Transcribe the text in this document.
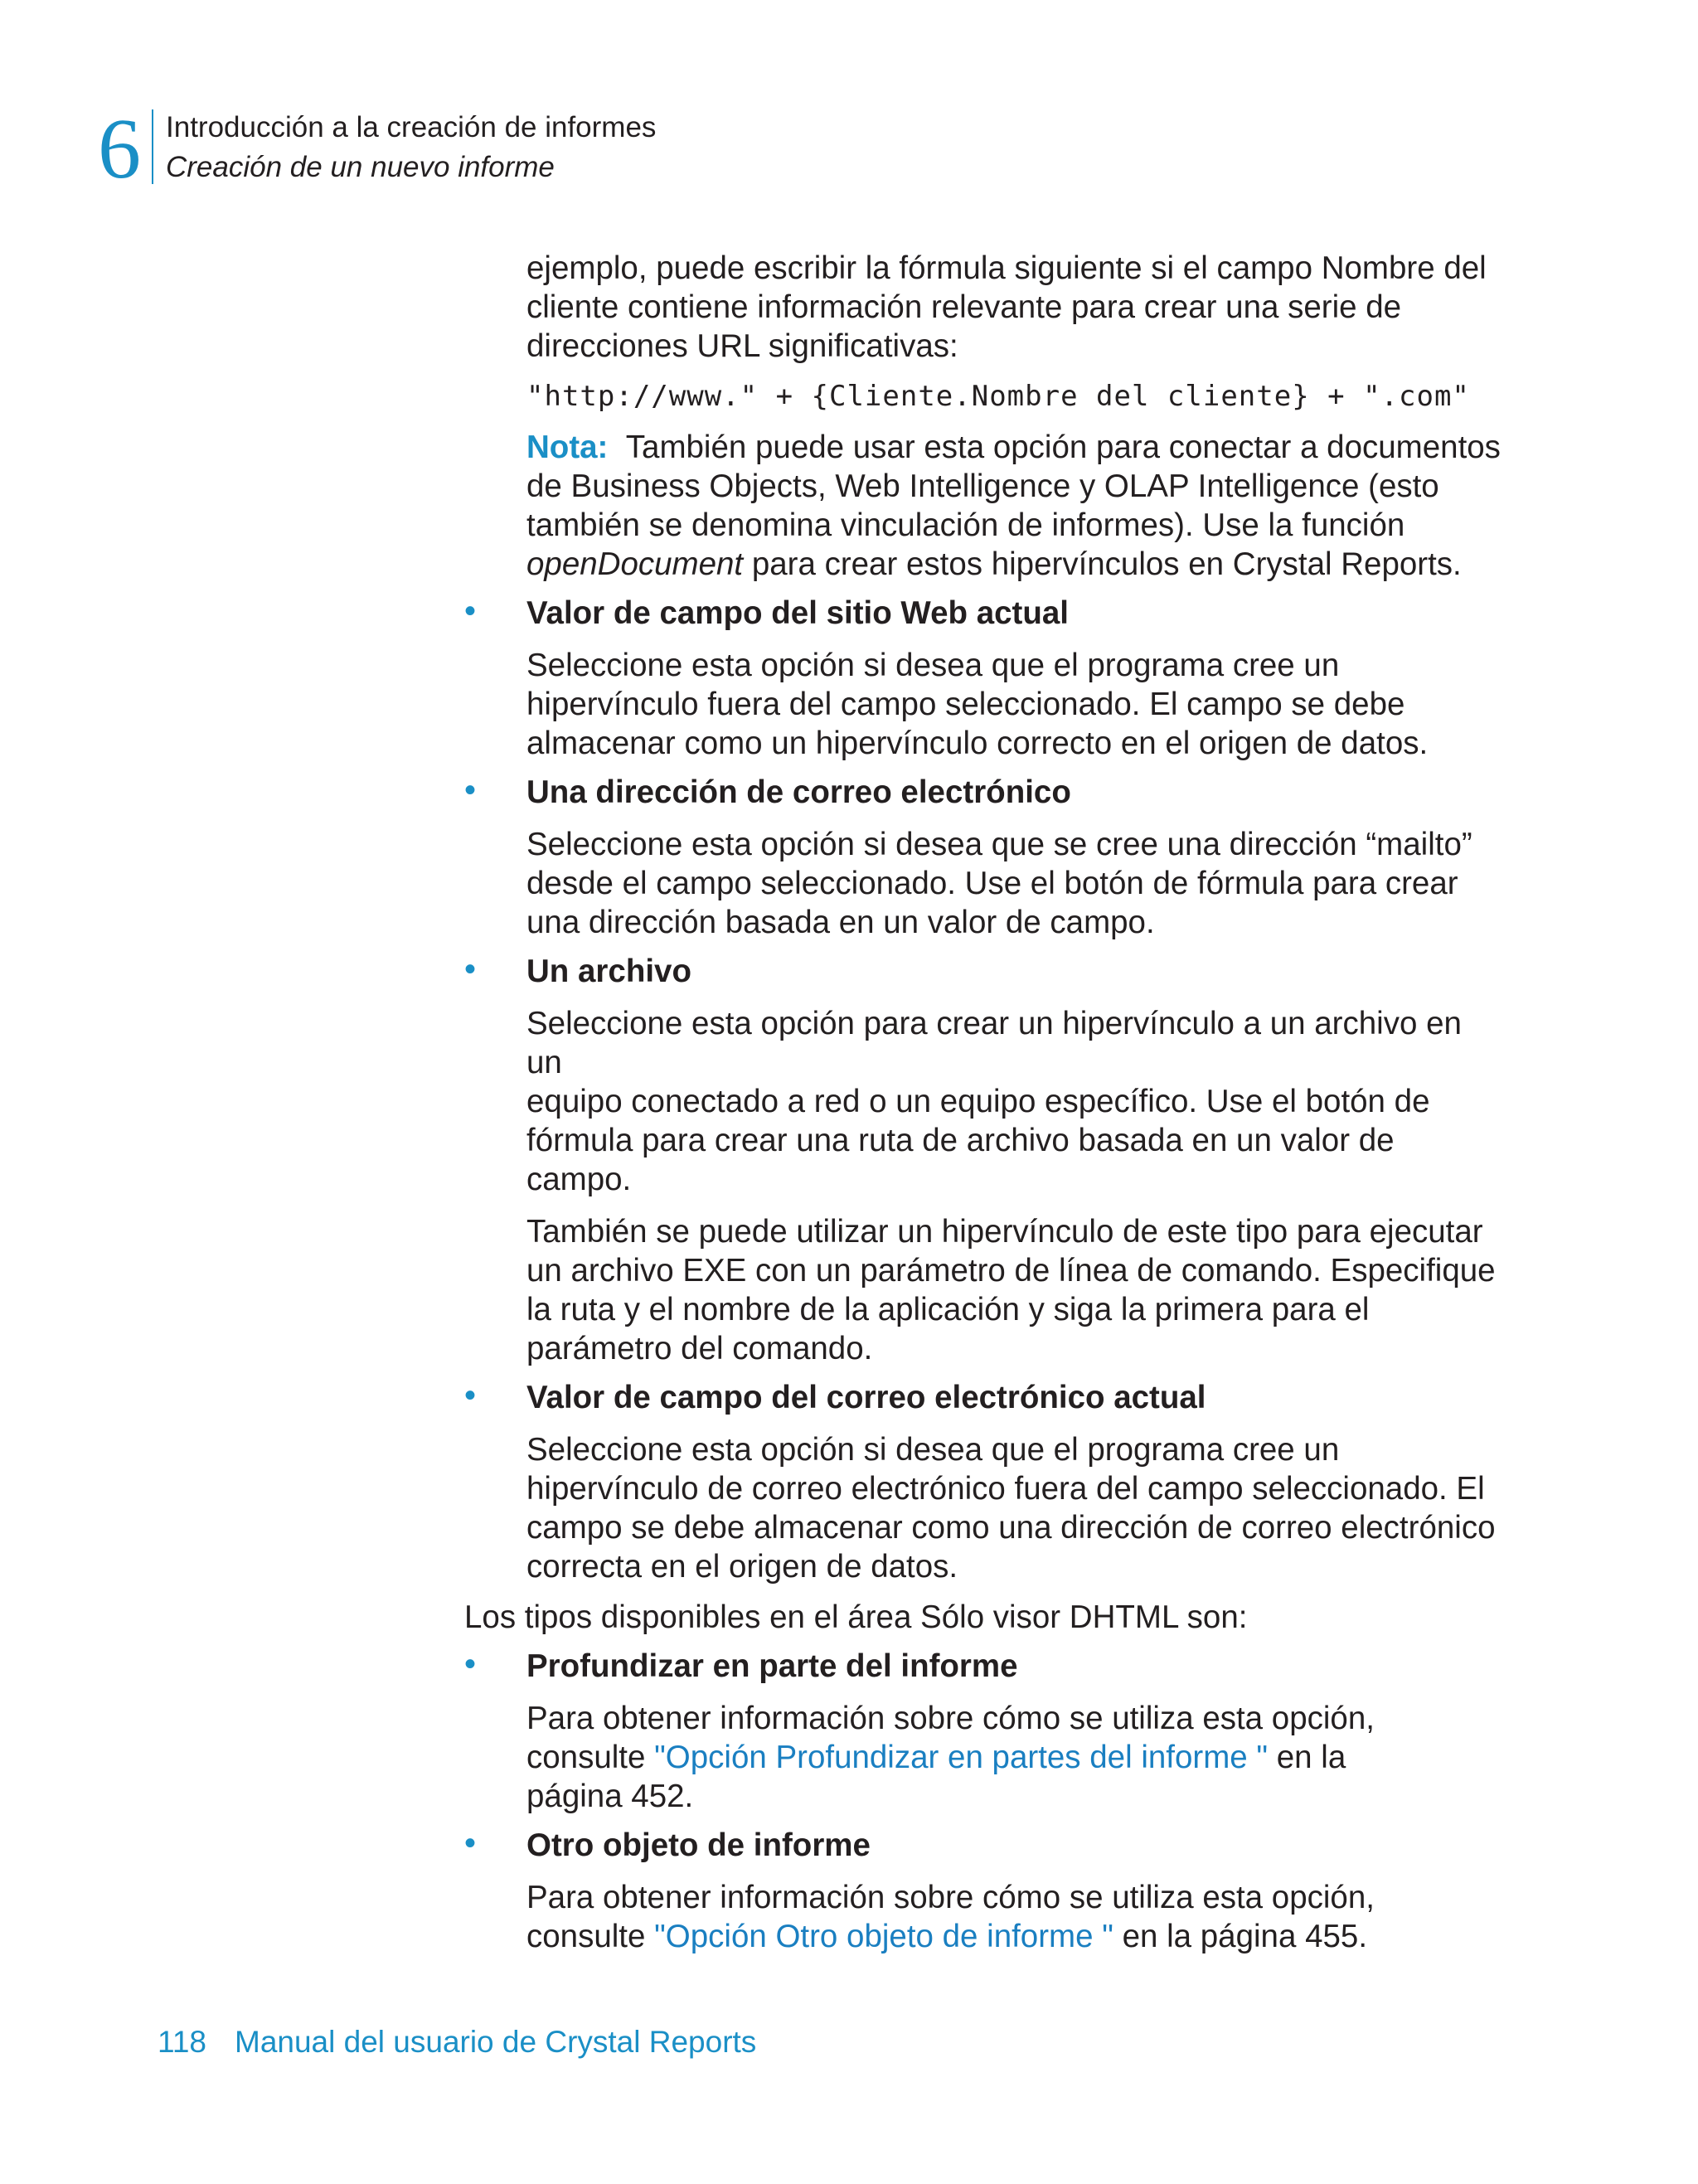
6 Introducción a la creación de informes
Creación de un nuevo informe

ejemplo, puede escribir la fórmula siguiente si el campo Nombre del

cliente contiene información relevante para crear una serie de

direcciones URL significativas:

"http://www." + {Cliente.Nombre del cliente} + ".com"

Nota: También puede usar esta opción para conectar a documentos

de Business Objects, Web Intelligence y OLAP Intelligence (esto

también se denomina vinculación de informes). Use la función

openDocument para crear estos hipervínculos en Crystal Reports.

• Valor de campo del sitio Web actual

Seleccione esta opción si desea que el programa cree un

hipervínculo fuera del campo seleccionado. El campo se debe

almacenar como un hipervínculo correcto en el origen de datos.

• Una dirección de correo electrónico

Seleccione esta opción si desea que se cree una dirección “mailto”

desde el campo seleccionado. Use el botón de fórmula para crear

una dirección basada en un valor de campo.

• Un archivo

Seleccione esta opción para crear un hipervínculo a un archivo en un

equipo conectado a red o un equipo específico. Use el botón de

fórmula para crear una ruta de archivo basada en un valor de campo.

También se puede utilizar un hipervínculo de este tipo para ejecutar

un archivo EXE con un parámetro de línea de comando. Especifique

la ruta y el nombre de la aplicación y siga la primera para el

parámetro del comando.

• Valor de campo del correo electrónico actual

Seleccione esta opción si desea que el programa cree un

hipervínculo de correo electrónico fuera del campo seleccionado. El

campo se debe almacenar como una dirección de correo electrónico

correcta en el origen de datos.

Los tipos disponibles en el área Sólo visor DHTML son:

• Profundizar en parte del informe

Para obtener información sobre cómo se utiliza esta opción,

consulte "Opción Profundizar en partes del informe " en la

página 452.

• Otro objeto de informe

Para obtener información sobre cómo se utiliza esta opción,

consulte "Opción Otro objeto de informe " en la página 455.

118 Manual del usuario de Crystal Reports
